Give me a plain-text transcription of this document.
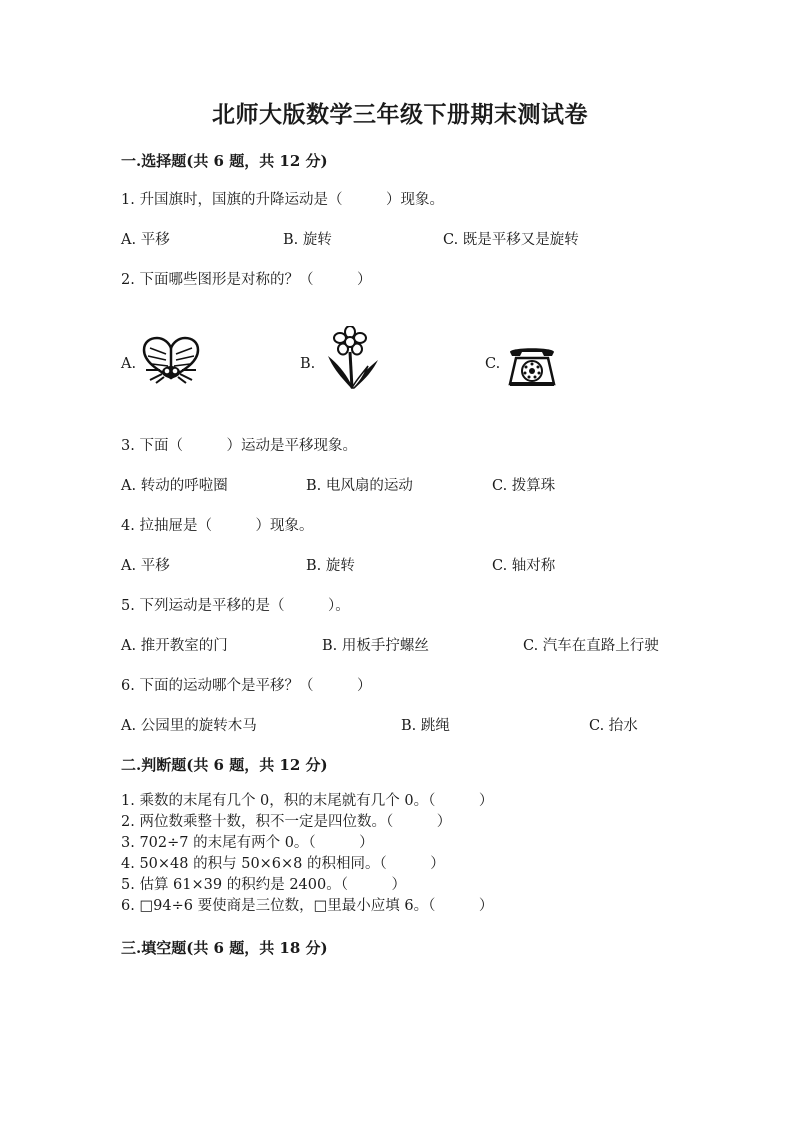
北师大版数学三年级下册期末测试卷
一.选择题(共 6 题，共 12 分)
1. 升国旗时，国旗的升降运动是（　　　）现象。
A. 平移	B. 旋转	C. 既是平移又是旋转
2. 下面哪些图形是对称的？（　　　）
A.	B.	C.
3. 下面（　　　）运动是平移现象。
A. 转动的呼啦圈	B. 电风扇的运动	C. 拨算珠
4. 拉抽屉是（　　　）现象。
A. 平移	B. 旋转	C. 轴对称
5. 下列运动是平移的是（　　　）。
A. 推开教室的门	B. 用板手拧螺丝	C. 汽车在直路上行驶
6. 下面的运动哪个是平移？（　　　）
A. 公园里的旋转木马	B. 跳绳	C. 抬水
二.判断题(共 6 题，共 12 分)
1. 乘数的末尾有几个 0，积的末尾就有几个 0。（　　　）
2. 两位数乘整十数，积不一定是四位数。（　　　）
3. 702÷7 的末尾有两个 0。（　　　）
4. 50×48 的积与 50×6×8 的积相同。（　　　）
5. 估算 61×39 的积约是 2400。（　　　）
6. □94÷6 要使商是三位数，□里最小应填 6。（　　　）
三.填空题(共 6 题，共 18 分)
